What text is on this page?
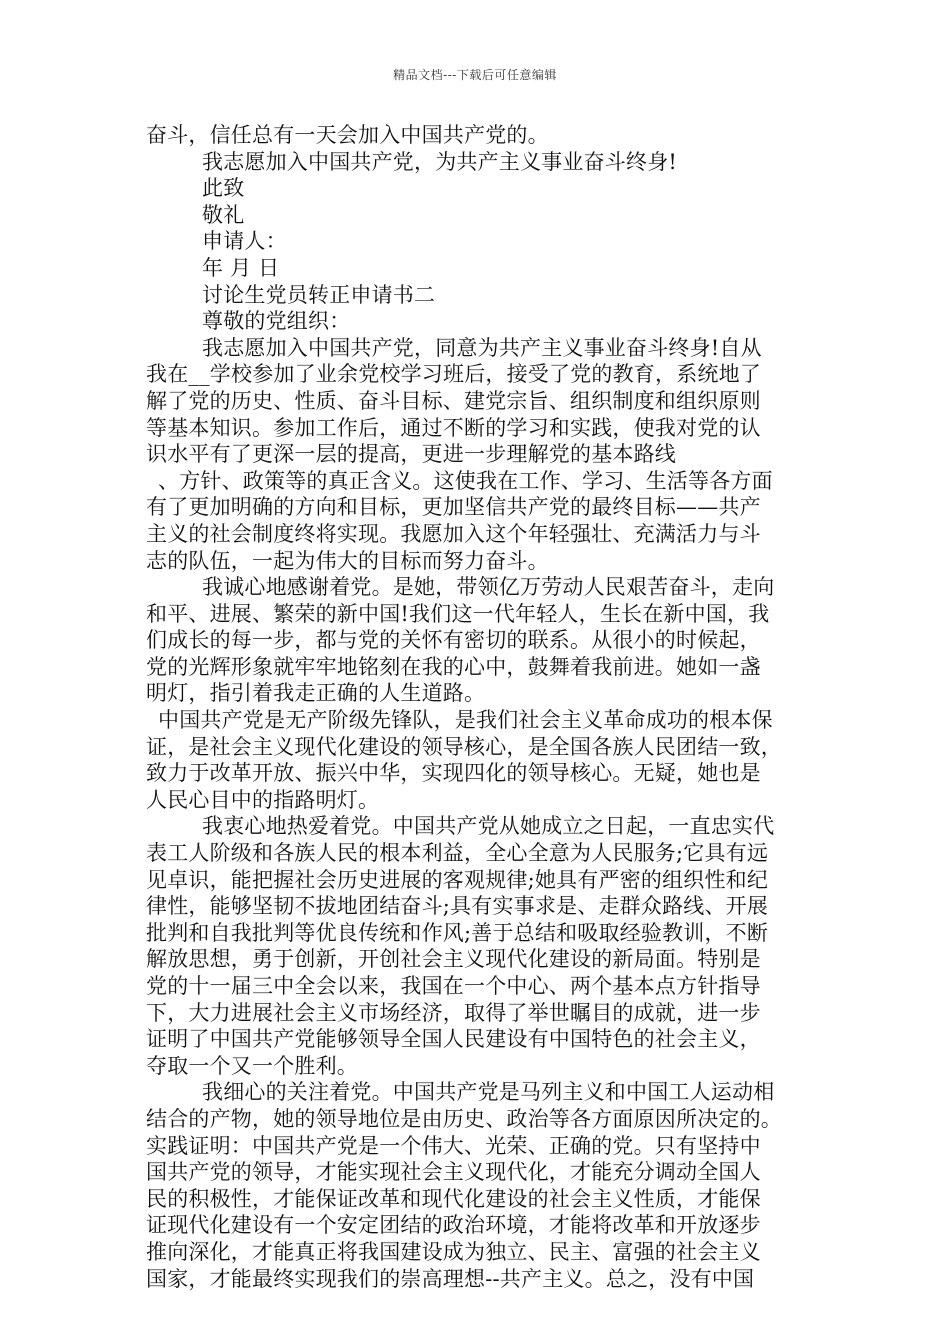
精品文档---下载后可任意编辑
奋斗，信任总有一天会加入中国共产党的。
我志愿加入中国共产党，为共产主义事业奋斗终身!
此致
敬礼
申请人：
年 月 日
讨论生党员转正申请书二
尊敬的党组织：
我志愿加入中国共产党，同意为共产主义事业奋斗终身!自从
我在__学校参加了业余党校学习班后，接受了党的教育，系统地了
解了党的历史、性质、奋斗目标、建党宗旨、组织制度和组织原则
等基本知识。参加工作后，通过不断的学习和实践，使我对党的认
识水平有了更深一层的提高，更进一步理解党的基本路线
、方针、政策等的真正含义。这使我在工作、学习、生活等各方面
有了更加明确的方向和目标，更加坚信共产党的最终目标——共产
主义的社会制度终将实现。我愿加入这个年轻强壮、充满活力与斗
志的队伍，一起为伟大的目标而努力奋斗。
我诚心地感谢着党。是她，带领亿万劳动人民艰苦奋斗，走向
和平、进展、繁荣的新中国!我们这一代年轻人，生长在新中国，我
们成长的每一步，都与党的关怀有密切的联系。从很小的时候起，
党的光辉形象就牢牢地铭刻在我的心中，鼓舞着我前进。她如一盏
明灯，指引着我走正确的人生道路。
中国共产党是无产阶级先锋队，是我们社会主义革命成功的根本保
证，是社会主义现代化建设的领导核心，是全国各族人民团结一致，
致力于改革开放、振兴中华，实现四化的领导核心。无疑，她也是
人民心目中的指路明灯。
我衷心地热爱着党。中国共产党从她成立之日起，一直忠实代
表工人阶级和各族人民的根本利益，全心全意为人民服务;它具有远
见卓识，能把握社会历史进展的客观规律;她具有严密的组织性和纪
律性，能够坚韧不拔地团结奋斗;具有实事求是、走群众路线、开展
批判和自我批判等优良传统和作风;善于总结和吸取经验教训，不断
解放思想，勇于创新，开创社会主义现代化建设的新局面。特别是
党的十一届三中全会以来，我国在一个中心、两个基本点方针指导
下，大力进展社会主义市场经济，取得了举世瞩目的成就，进一步
证明了中国共产党能够领导全国人民建设有中国特色的社会主义，
夺取一个又一个胜利。
我细心的关注着党。中国共产党是马列主义和中国工人运动相
结合的产物，她的领导地位是由历史、政治等各方面原因所决定的。
实践证明：中国共产党是一个伟大、光荣、正确的党。只有坚持中
国共产党的领导，才能实现社会主义现代化，才能充分调动全国人
民的积极性，才能保证改革和现代化建设的社会主义性质，才能保
证现代化建设有一个安定团结的政治环境，才能将改革和开放逐步
推向深化，才能真正将我国建设成为独立、民主、富强的社会主义
国家，才能最终实现我们的崇高理想--共产主义。总之，没有中国
